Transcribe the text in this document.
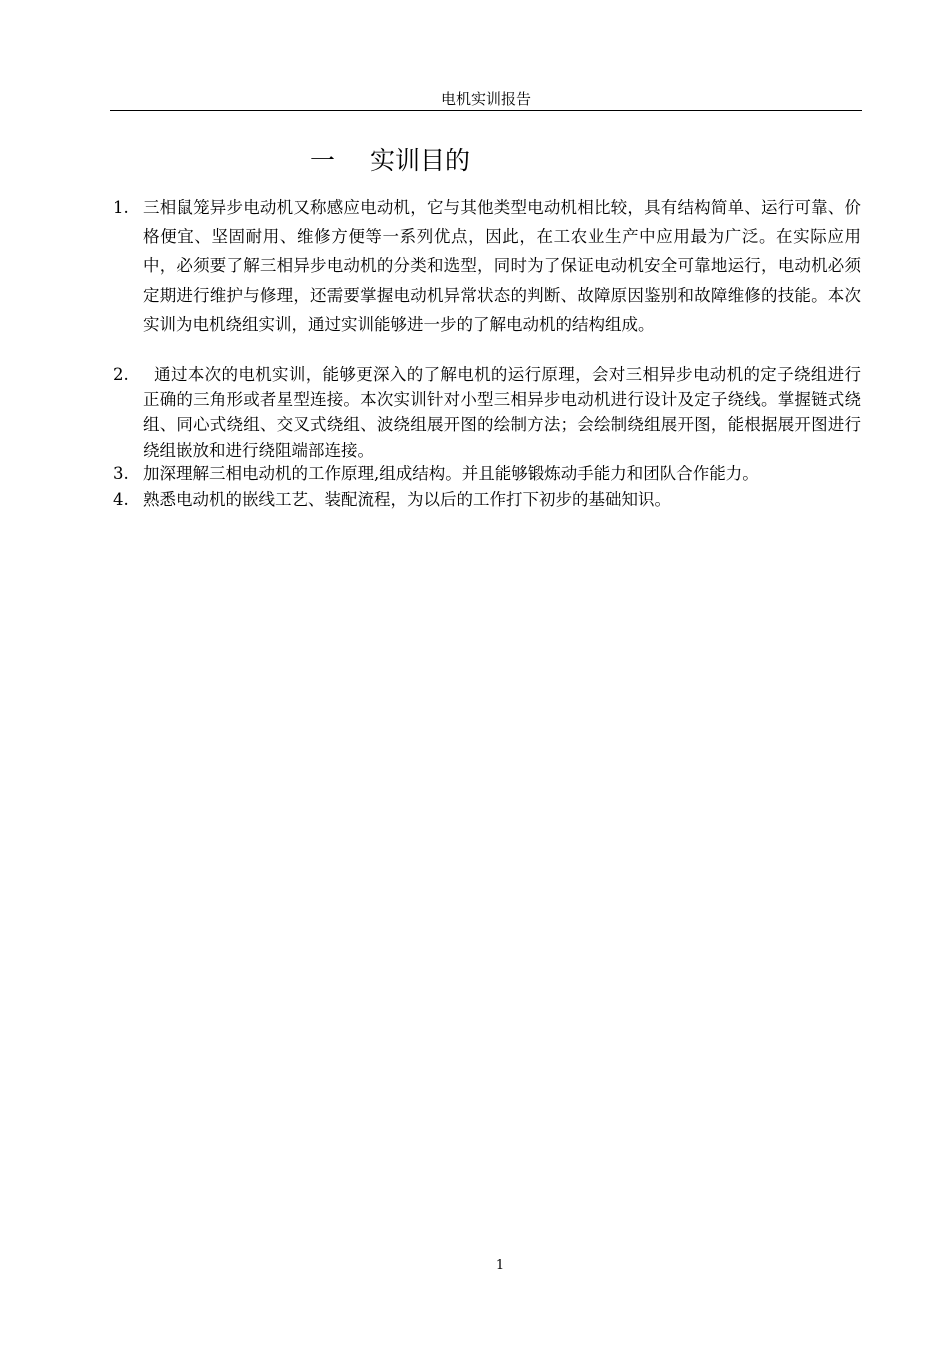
电机实训报告
一 实训目的
1. 三相鼠笼异步电动机又称感应电动机，它与其他类型电动机相比较，具有结构简单、运行可靠、价格便宜、坚固耐用、维修方便等一系列优点，因此，在工农业生产中应用最为广泛。在实际应用中，必须要了解三相异步电动机的分类和选型，同时为了保证电动机安全可靠地运行，电动机必须定期进行维护与修理，还需要掌握电动机异常状态的判断、故障原因鉴别和故障维修的技能。本次实训为电机绕组实训，通过实训能够进一步的了解电动机的结构组成。
2. 通过本次的电机实训，能够更深入的了解电机的运行原理，会对三相异步电动机的定子绕组进行正确的三角形或者星型连接。本次实训针对小型三相异步电动机进行设计及定子绕线。掌握链式绕组、同心式绕组、交叉式绕组、波绕组展开图的绘制方法；会绘制绕组展开图，能根据展开图进行绕组嵌放和进行绕阻端部连接。
3. 加深理解三相电动机的工作原理,组成结构。并且能够锻炼动手能力和团队合作能力。
4. 熟悉电动机的嵌线工艺、装配流程，为以后的工作打下初步的基础知识。
1
